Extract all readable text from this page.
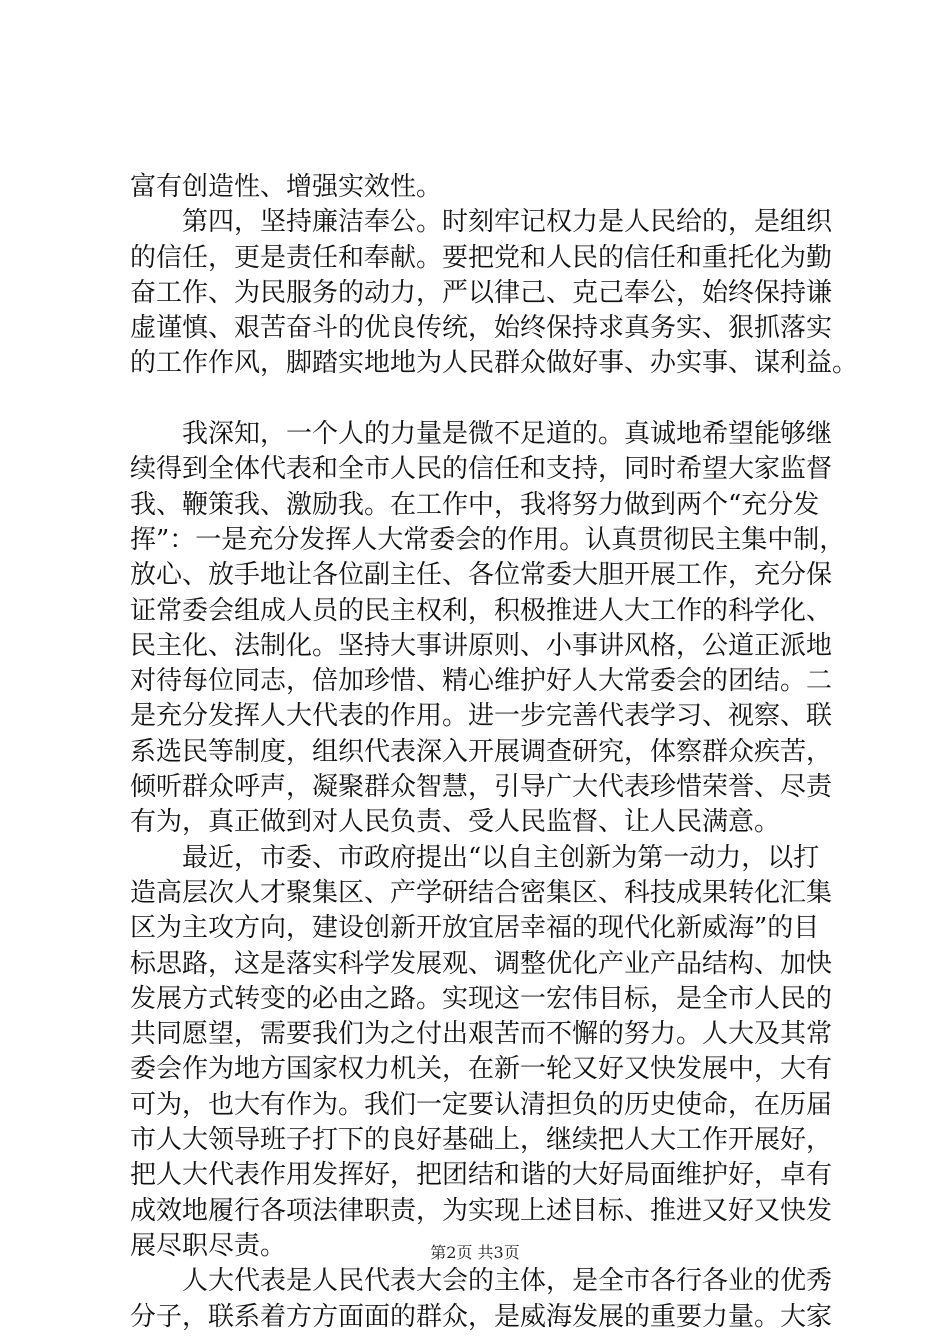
富有创造性、增强实效性。
第四，坚持廉洁奉公。时刻牢记权力是人民给的，是组织
的信任，更是责任和奉献。要把党和人民的信任和重托化为勤
奋工作、为民服务的动力，严以律己、克己奉公，始终保持谦
虚谨慎、艰苦奋斗的优良传统，始终保持求真务实、狠抓落实
的工作作风，脚踏实地地为人民群众做好事、办实事、谋利益。
我深知，一个人的力量是微不足道的。真诚地希望能够继
续得到全体代表和全市人民的信任和支持，同时希望大家监督
我、鞭策我、激励我。在工作中，我将努力做到两个“充分发
挥”：一是充分发挥人大常委会的作用。认真贯彻民主集中制，
放心、放手地让各位副主任、各位常委大胆开展工作，充分保
证常委会组成人员的民主权利，积极推进人大工作的科学化、
民主化、法制化。坚持大事讲原则、小事讲风格，公道正派地
对待每位同志，倍加珍惜、精心维护好人大常委会的团结。二
是充分发挥人大代表的作用。进一步完善代表学习、视察、联
系选民等制度，组织代表深入开展调查研究，体察群众疾苦，
倾听群众呼声，凝聚群众智慧，引导广大代表珍惜荣誉、尽责
有为，真正做到对人民负责、受人民监督、让人民满意。
最近，市委、市政府提出“以自主创新为第一动力，以打
造高层次人才聚集区、产学研结合密集区、科技成果转化汇集
区为主攻方向，建设创新开放宜居幸福的现代化新威海”的目
标思路，这是落实科学发展观、调整优化产业产品结构、加快
发展方式转变的必由之路。实现这一宏伟目标，是全市人民的
共同愿望，需要我们为之付出艰苦而不懈的努力。人大及其常
委会作为地方国家权力机关，在新一轮又好又快发展中，大有
可为，也大有作为。我们一定要认清担负的历史使命，在历届
市人大领导班子打下的良好基础上，继续把人大工作开展好，
把人大代表作用发挥好，把团结和谐的大好局面维护好，卓有
成效地履行各项法律职责，为实现上述目标、推进又好又快发
展尽职尽责。
人大代表是人民代表大会的主体，是全市各行各业的优秀
分子，联系着方方面面的群众，是威海发展的重要力量。大家
第2页 共3页
